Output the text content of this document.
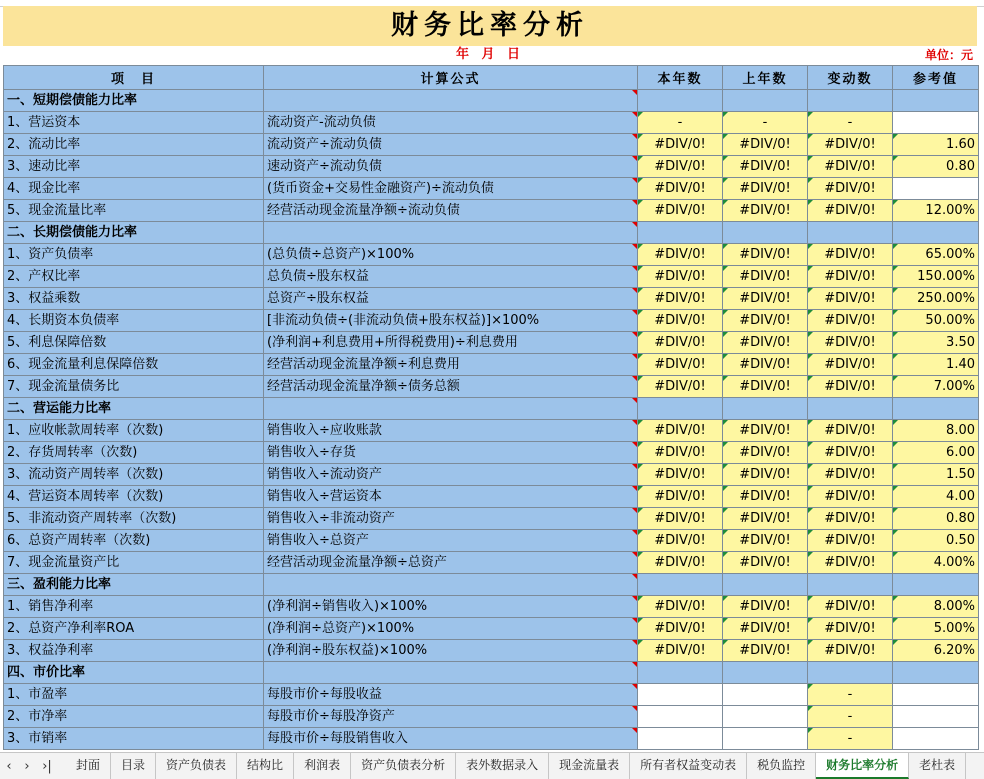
财务比率分析
年 月 日	单位：元
项　目	计算公式	本年数	上年数	变动数	参考值
一、短期偿债能力比率	

1、营运资本	流动资产-流动负债	-	-	-

2、流动比率	流动资产÷流动负债	#DIV/0!	#DIV/0!	#DIV/0!	1.60

3、速动比率	速动资产÷流动负债	#DIV/0!	#DIV/0!	#DIV/0!	0.80

4、现金比率	(货币资金+交易性金融资产)÷流动负债	#DIV/0!	#DIV/0!	#DIV/0!

5、现金流量比率	经营活动现金流量净额÷流动负债	#DIV/0!	#DIV/0!	#DIV/0!	12.00%

二、长期偿债能力比率	

1、资产负债率	(总负债÷总资产)×100%	#DIV/0!	#DIV/0!	#DIV/0!	65.00%

2、产权比率	总负债÷股东权益	#DIV/0!	#DIV/0!	#DIV/0!	150.00%

3、权益乘数	总资产÷股东权益	#DIV/0!	#DIV/0!	#DIV/0!	250.00%

4、长期资本负债率	[非流动负债÷(非流动负债+股东权益)]×100%	#DIV/0!	#DIV/0!	#DIV/0!	50.00%

5、利息保障倍数	(净利润+利息费用+所得税费用)÷利息费用	#DIV/0!	#DIV/0!	#DIV/0!	3.50

6、现金流量利息保障倍数	经营活动现金流量净额÷利息费用	#DIV/0!	#DIV/0!	#DIV/0!	1.40

7、现金流量债务比	经营活动现金流量净额÷债务总额	#DIV/0!	#DIV/0!	#DIV/0!	7.00%

二、营运能力比率	

1、应收帐款周转率（次数)	销售收入÷应收账款	#DIV/0!	#DIV/0!	#DIV/0!	8.00

2、存货周转率（次数)	销售收入÷存货	#DIV/0!	#DIV/0!	#DIV/0!	6.00

3、流动资产周转率（次数)	销售收入÷流动资产	#DIV/0!	#DIV/0!	#DIV/0!	1.50

4、营运资本周转率（次数)	销售收入÷营运资本	#DIV/0!	#DIV/0!	#DIV/0!	4.00

5、非流动资产周转率（次数)	销售收入÷非流动资产	#DIV/0!	#DIV/0!	#DIV/0!	0.80

6、总资产周转率（次数)	销售收入÷总资产	#DIV/0!	#DIV/0!	#DIV/0!	0.50

7、现金流量资产比	经营活动现金流量净额÷总资产	#DIV/0!	#DIV/0!	#DIV/0!	4.00%

三、盈利能力比率	

1、销售净利率	(净利润÷销售收入)×100%	#DIV/0!	#DIV/0!	#DIV/0!	8.00%

2、总资产净利率ROA	(净利润÷总资产)×100%	#DIV/0!	#DIV/0!	#DIV/0!	5.00%

3、权益净利率	(净利润÷股东权益)×100%	#DIV/0!	#DIV/0!	#DIV/0!	6.20%

四、市价比率	

1、市盈率	每股市价÷每股收益			-

2、市净率	每股市价÷每股净资产			-

3、市销率	每股市价÷每股销售收入			-

‹ › ›|	封面	目录	资产负债表	结构比	利润表	资产负债表分析	表外数据录入	现金流量表	所有者权益变动表	税负监控	财务比率分析	老杜表
